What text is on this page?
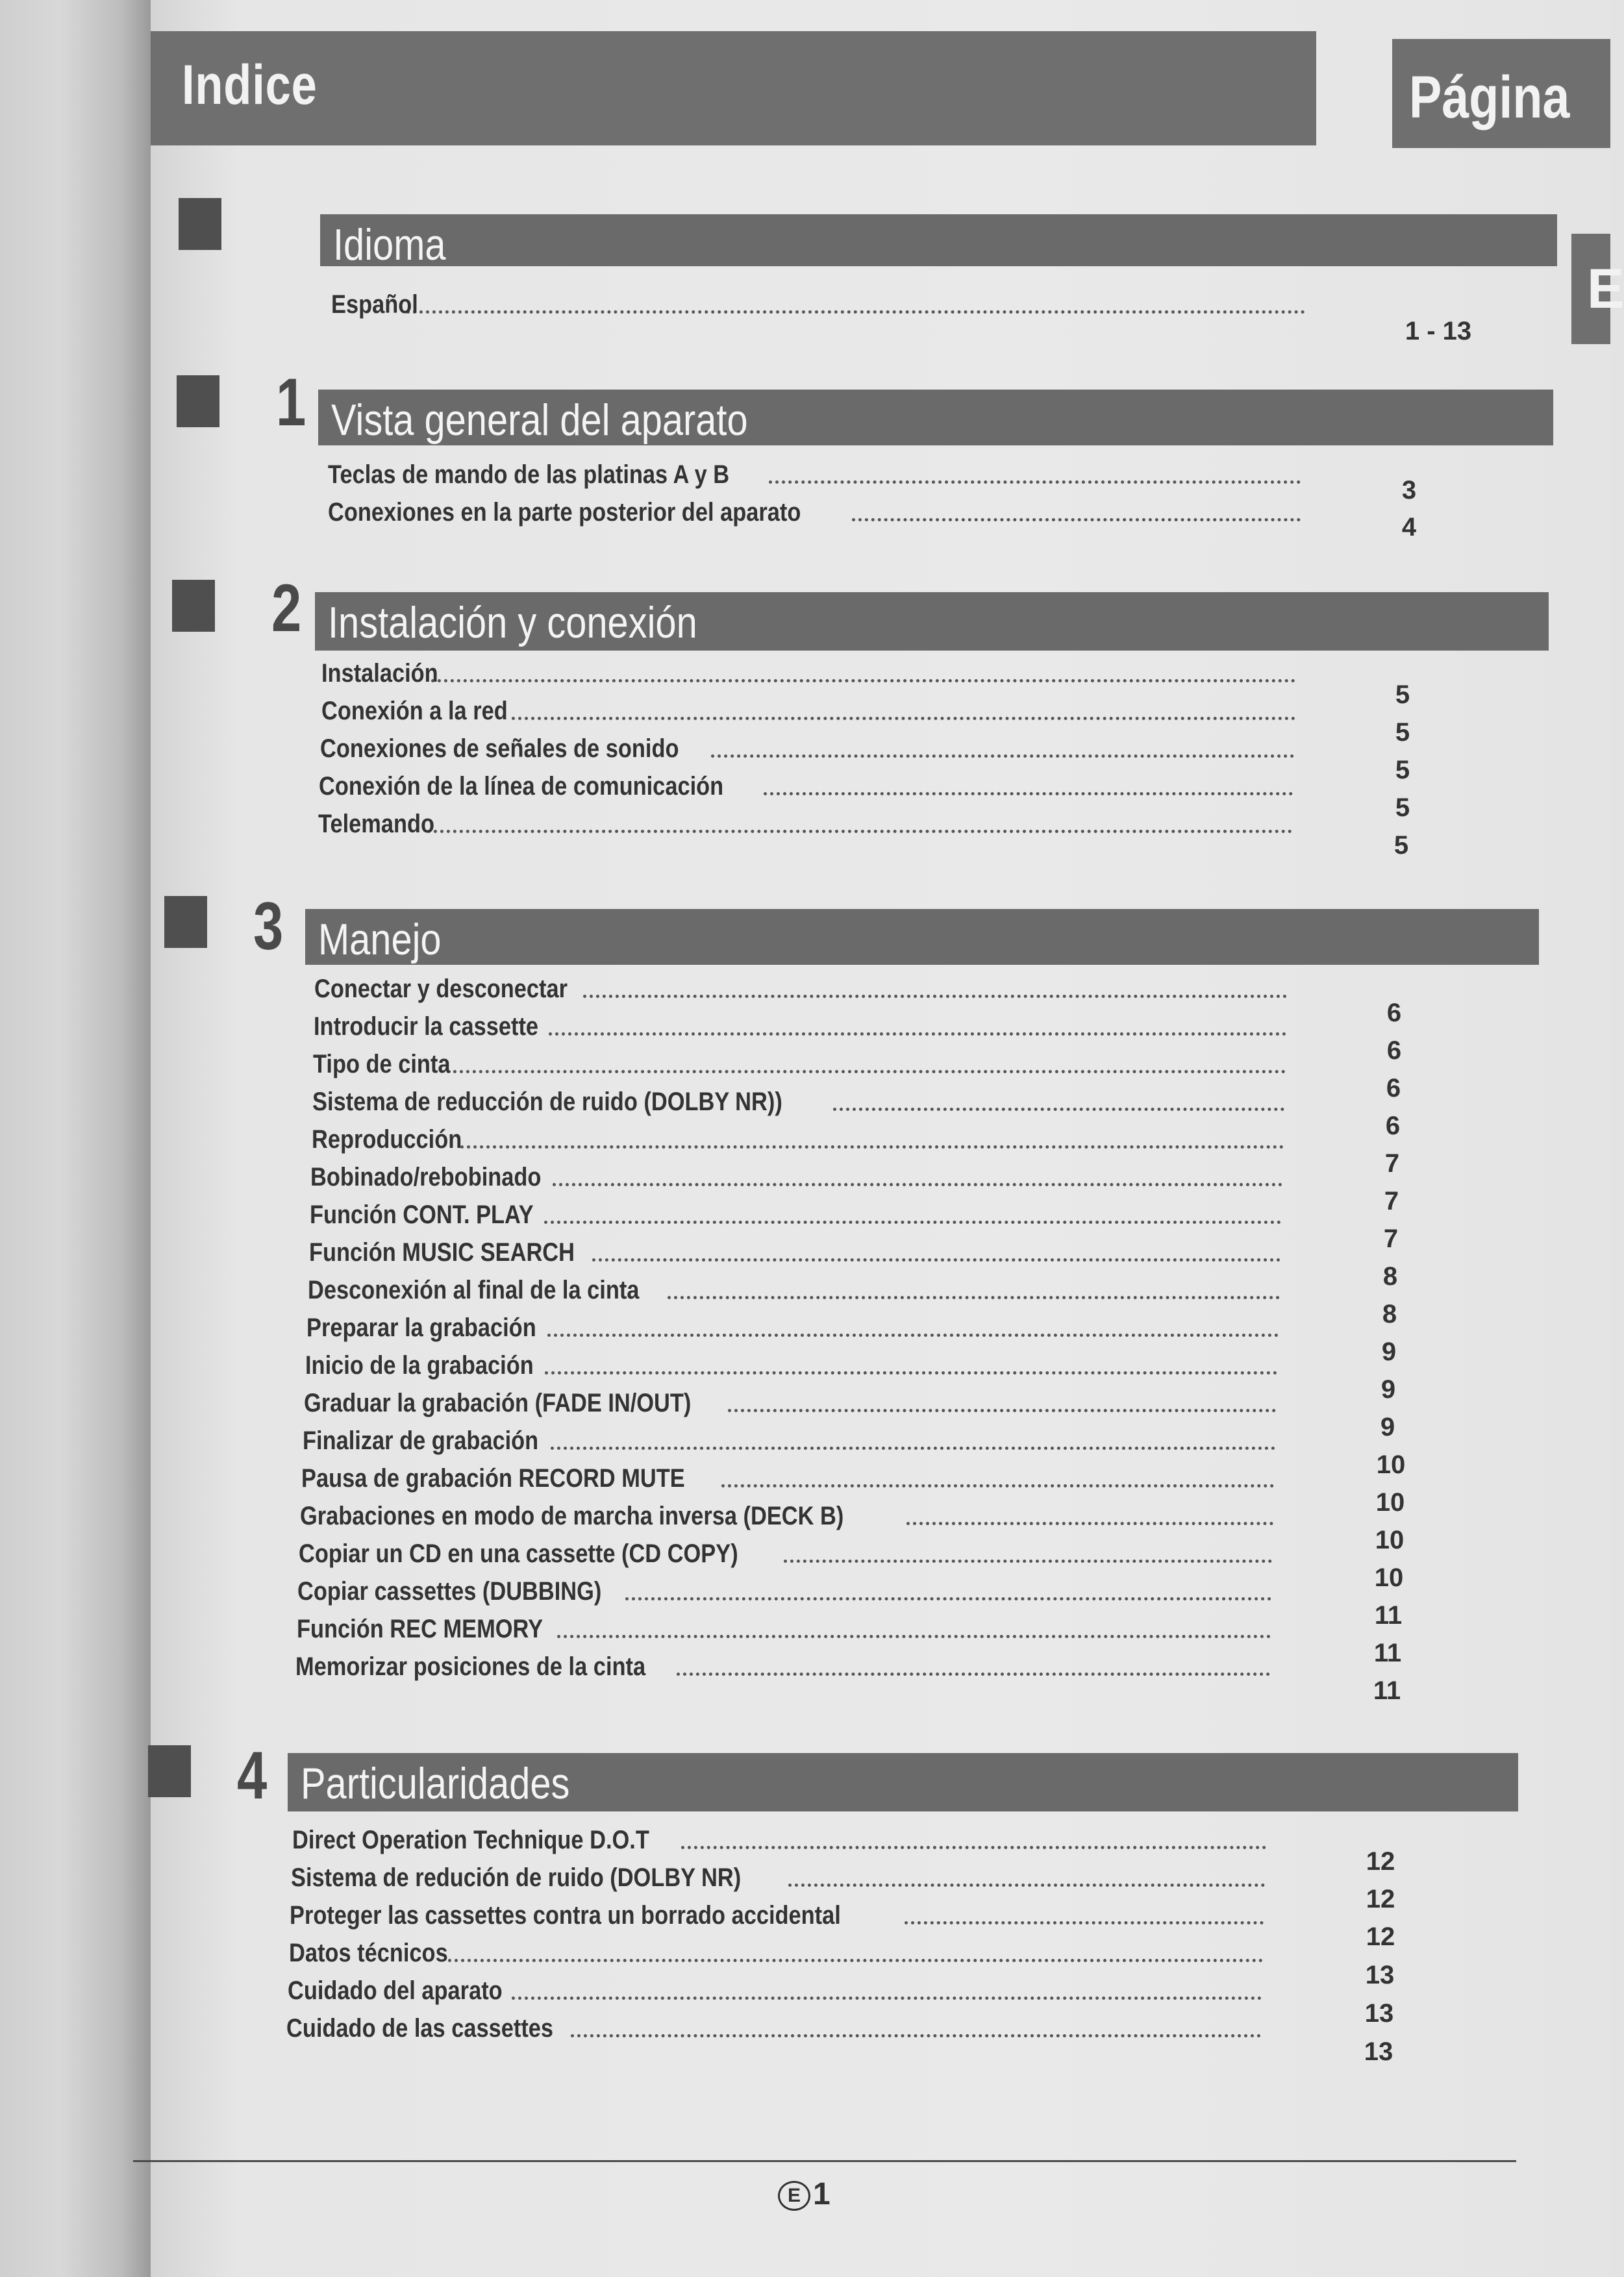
Indice	Página
E
Idioma
Español
1 - 13
1 Vista general del aparato
Teclas de mando de las platinas A y B
3
Conexiones en la parte posterior del aparato
4
2 Instalación y conexión
Instalación
5
Conexión a la red
5
Conexiones de señales de sonido
5
Conexión de la línea de comunicación
5
Telemando
5
3 Manejo
Conectar y desconectar
6
Introducir la cassette
6
Tipo de cinta
6
Sistema de reducción de ruido (DOLBY NR))
6
Reproducción
7
Bobinado/rebobinado
7
Función CONT. PLAY
7
Función MUSIC SEARCH
8
Desconexión al final de la cinta
8
Preparar la grabación
9
Inicio de la grabación
9
Graduar la grabación (FADE IN/OUT)
9
Finalizar de grabación
10
Pausa de grabación RECORD MUTE
10
Grabaciones en modo de marcha inversa (DECK B)
10
Copiar un CD en una cassette (CD COPY)
10
Copiar cassettes (DUBBING)
11
Función REC MEMORY
11
Memorizar posiciones de la cinta
11
4 Particularidades
Direct Operation Technique D.O.T
12
Sistema de redución de ruido (DOLBY NR)
12
Proteger las cassettes contra un borrado accidental
12
Datos técnicos
13
Cuidado del aparato
13
Cuidado de las cassettes
13
E 1
